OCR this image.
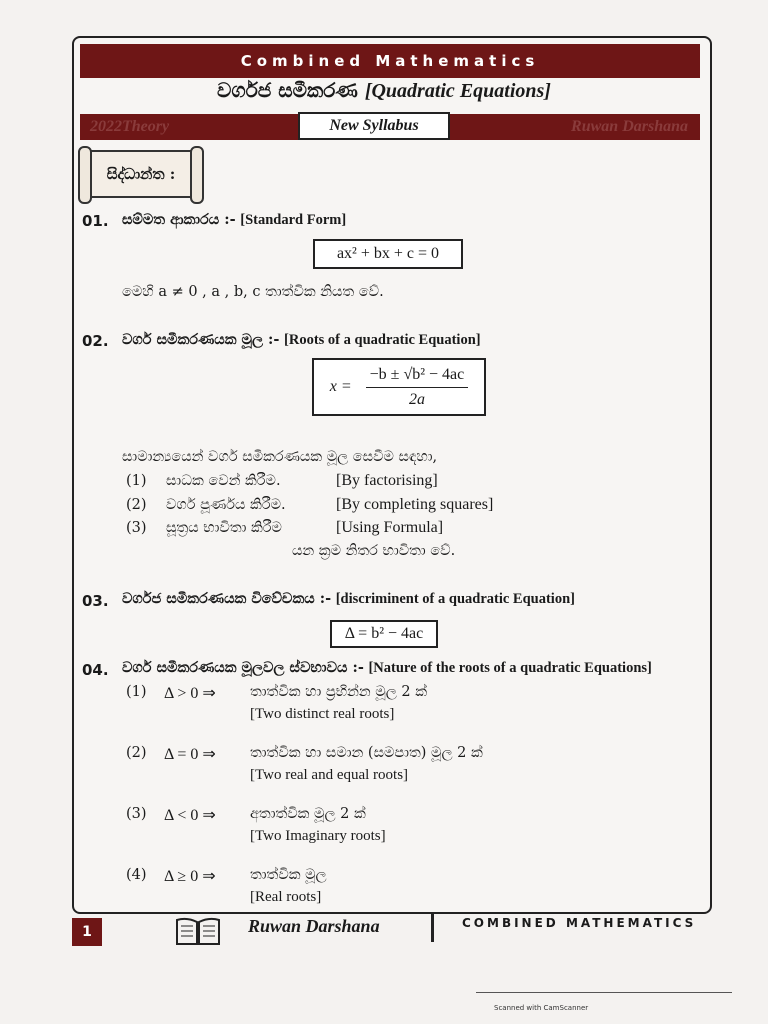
Combined Mathematics
වර්ගජ සමීකරණ [Quadratic Equations]
2022Theory	Ruwan Darshana
New Syllabus
සිද්ධාන්ත :
01. සම්මත ආකාරය :- [Standard Form]
ax² + bx + c = 0
මෙහි a ≠ 0 , a , b, c තාත්වික නියත වේ.
02. වර්ග සමීකරණයක මූල :- [Roots of a quadratic Equation]
$x = \frac{\text{−b ± √b² − 4ac}}{2a}$
සාමාන්‍යයෙන් වර්ග සමීකරණයක මූල සෙවීම සඳහා,
(1) සාධක වෙන් කිරීම.	[By factorising]
(2) වර්ග පූර්ණය කිරීම.	[By completing squares]
(3) සූත්‍රය භාවිතා කිරීම	[Using Formula]
යන ක්‍රම නිතර භාවිතා වේ.
03. වර්ගජ සමීකරණයක විවේචකය :- [discriminent of a quadratic Equation]
Δ = b² − 4ac
04. වර්ග සමීකරණයක මූලවල ස්වභාවය :- [Nature of the roots of a quadratic Equations]
(1) Δ > 0 ⇒ තාත්වික හා ප්‍රභින්න මූල 2 ක්
[Two distinct real roots]
(2) Δ = 0 ⇒ තාත්වික හා සමාන (සමපාත) මූල 2 ක්
[Two real and equal roots]
(3) Δ < 0 ⇒ අතාත්වික මූල 2 ක්
[Two Imaginary roots]
(4) Δ ≥ 0 ⇒ තාත්වික මූල
[Real roots]
1	Ruwan Darshana	COMBINED MATHEMATICS
Scanned with CamScanner
